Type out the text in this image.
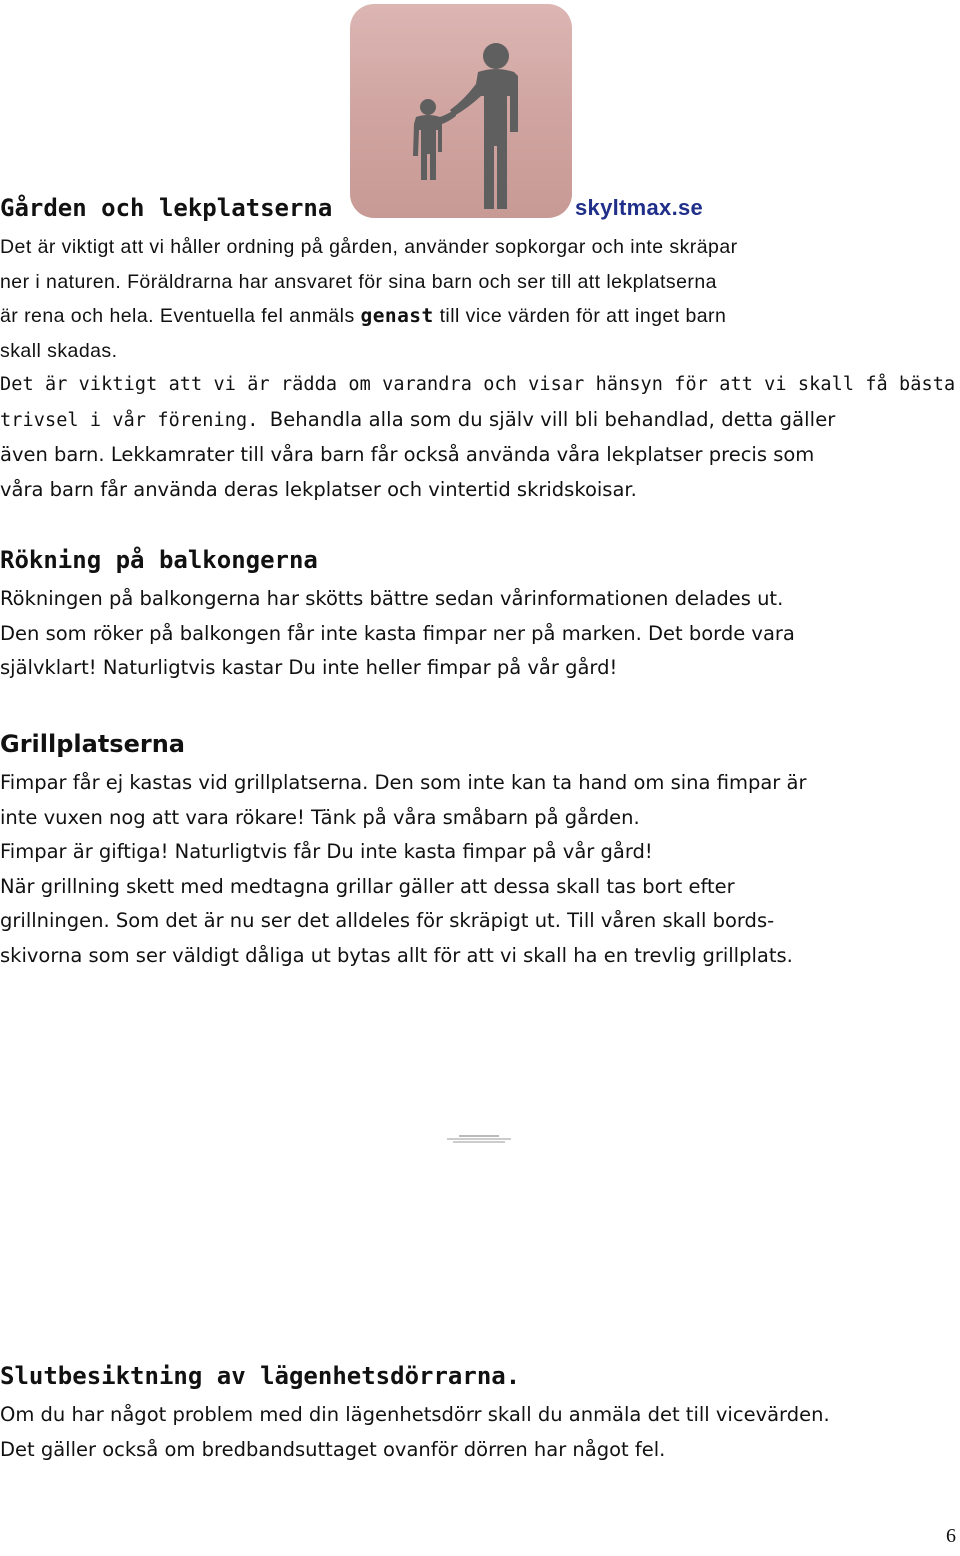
skyltmax.se
Gården och lekplatserna
Det är viktigt att vi håller ordning på gården, använder sopkorgar och inte skräpar
ner i naturen. Föräldrarna har ansvaret för sina barn och ser till att lekplatserna
är rena och hela. Eventuella fel anmäls genast till vice värden för att inget barn
skall skadas.
Det är viktigt att vi är rädda om varandra och visar hänsyn för att vi skall få bästa
trivsel i vår förening. Behandla alla som du själv vill bli behandlad, detta gäller
även barn. Lekkamrater till våra barn får också använda våra lekplatser precis som
våra barn får använda deras lekplatser och vintertid skridskoisar.
Rökning på balkongerna
Rökningen på balkongerna har skötts bättre sedan vårinformationen delades ut.
Den som röker på balkongen får inte kasta fimpar ner på marken. Det borde vara
självklart! Naturligtvis kastar Du inte heller fimpar på vår gård!
Grillplatserna
Fimpar får ej kastas vid grillplatserna. Den som inte kan ta hand om sina fimpar är
inte vuxen nog att vara rökare! Tänk på våra småbarn på gården.
Fimpar är giftiga! Naturligtvis får Du inte kasta fimpar på vår gård!
När grillning skett med medtagna grillar gäller att dessa skall tas bort efter
grillningen. Som det är nu ser det alldeles för skräpigt ut. Till våren skall bords-
skivorna som ser väldigt dåliga ut bytas allt för att vi skall ha en trevlig grillplats.
Slutbesiktning av lägenhetsdörrarna.
Om du har något problem med din lägenhetsdörr skall du anmäla det till vicevärden.
Det gäller också om bredbandsuttaget ovanför dörren har något fel.
6
